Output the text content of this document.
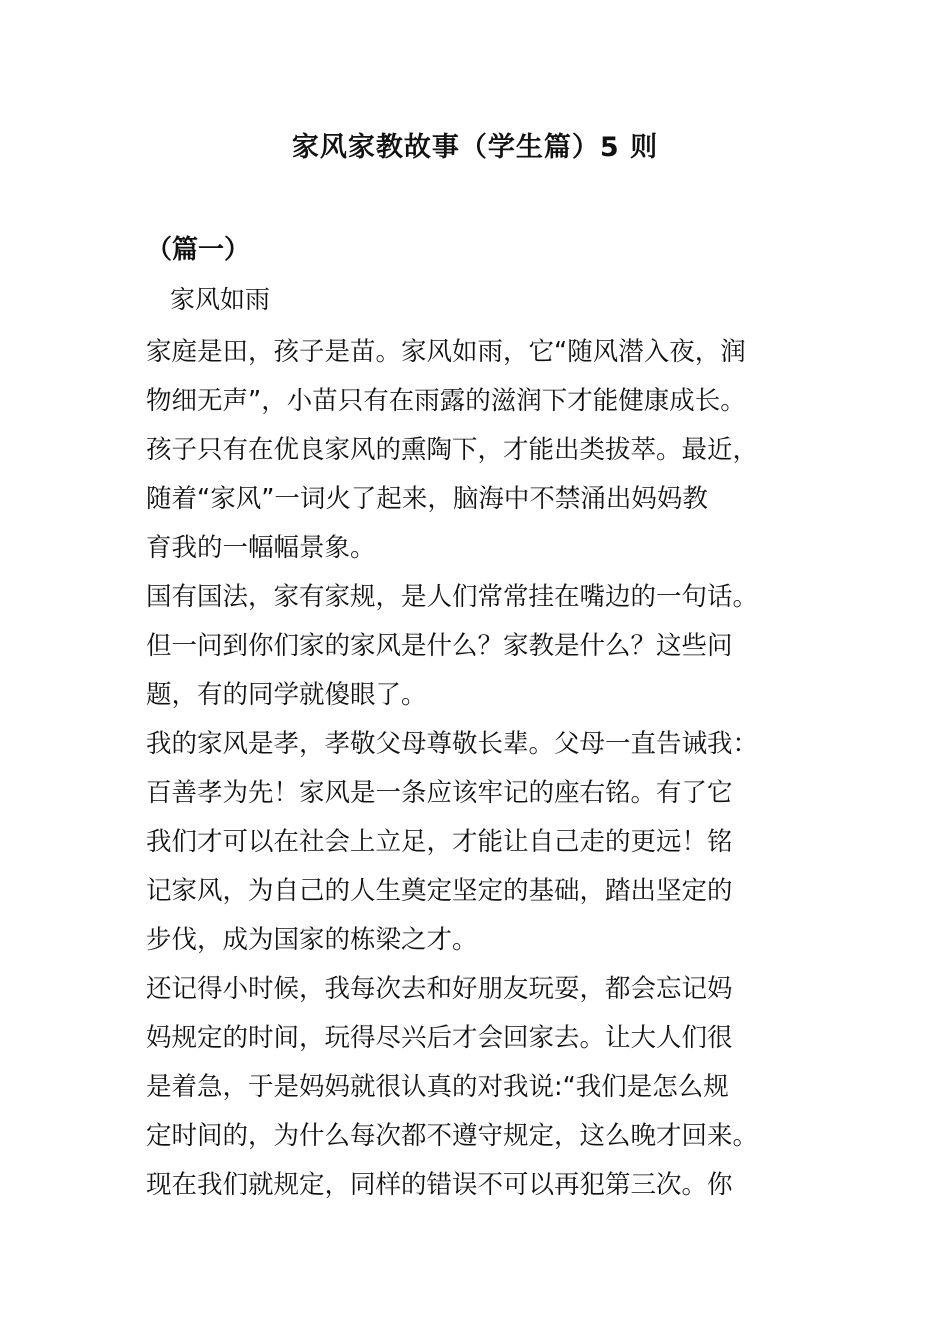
家风家教故事（学生篇）5 则
（篇一）

家风如雨

家庭是田，孩子是苗。家风如雨，它“随风潜入夜，润
物细无声”，小苗只有在雨露的滋润下才能健康成长。
孩子只有在优良家风的熏陶下，才能出类拔萃。最近，
随着“家风”一词火了起来，脑海中不禁涌出妈妈教
育我的一幅幅景象。
国有国法，家有家规，是人们常常挂在嘴边的一句话。
但一问到你们家的家风是什么？家教是什么？这些问
题，有的同学就傻眼了。
我的家风是孝，孝敬父母尊敬长辈。父母一直告诫我：
百善孝为先！家风是一条应该牢记的座右铭。有了它
我们才可以在社会上立足，才能让自己走的更远！铭
记家风，为自己的人生奠定坚定的基础，踏出坚定的
步伐，成为国家的栋梁之才。
还记得小时候，我每次去和好朋友玩耍，都会忘记妈
妈规定的时间，玩得尽兴后才会回家去。让大人们很
是着急，于是妈妈就很认真的对我说:“我们是怎么规
定时间的，为什么每次都不遵守规定，这么晚才回来。
现在我们就规定，同样的错误不可以再犯第三次。你
